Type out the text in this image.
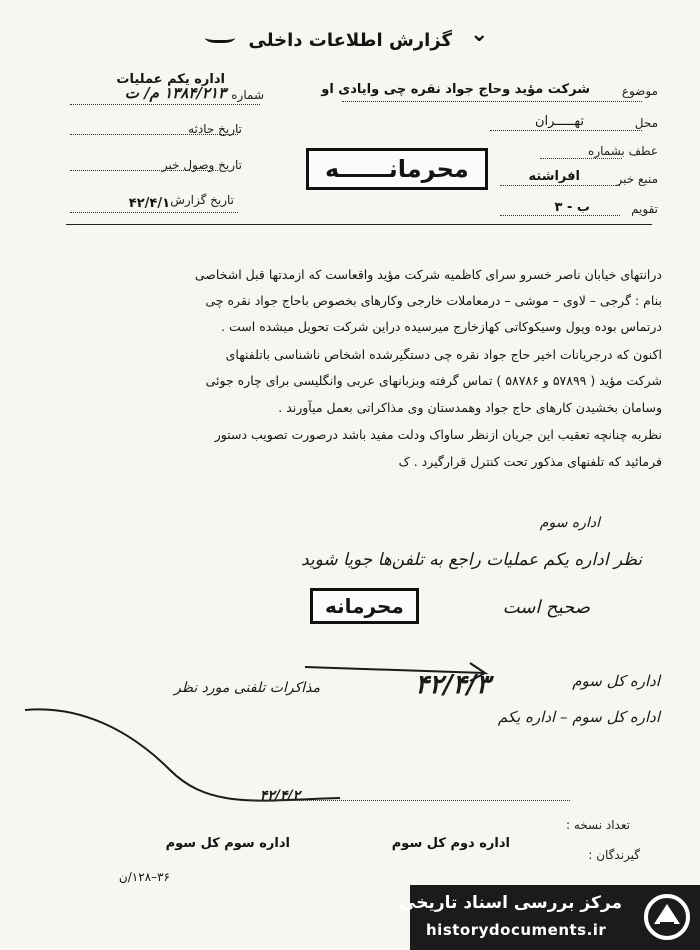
⌄
گزارش اطلاعات داخلی
اداره یکم عملیات
شماره
۱۳۸۴/۲۱۳ م/ ت
تاریخ حادثه
تاریخ وصول خبر
تاریخ گزارش
۴۲/۴/۱
موضوع
شرکت مؤید وحاج جواد نقره چی وایادی او
محل
تهـــــران
عطف بشماره
منبع خبر
افراشته
تقویم
ب - ۳
محرمانــــــه
درانتهای خیابان ناصر خسرو سرای کاظمیه شرکت مؤید واقعاست که ازمدتها قبل اشخاصی
بنام : گرجی – لاوی – موشی – درمعاملات خارجی وکارهای بخصوص باحاج جواد نقره چی
درتماس بوده وپول وسیکوکاتی کهازخارج میرسیده دراین شرکت تحویل میشده است .
اکنون که درجریانات اخیر حاج جواد نقره چی دستگیرشده اشخاص ناشناسی باتلفنهای
شرکت مؤید ( ۵۷۸۹۹ و ۵۸۷۸۶ ) تماس گرفته وبزبانهای عربی وانگلیسی برای چاره جوئی
وسامان بخشیدن کارهای حاج جواد وهمدستان وی مذاکراتی بعمل میآورند .
نظربه چنانچه تعقیب این جریان ازنظر ساواک ودلت مفید باشد درصورت تصویب دستور
فرمائید که تلفنهای مذکور تحت کنترل قرارگیرد . ک
اداره سوم
نظر اداره یکم عملیات راجع به تلفن‌ها جویا شوید
صحیح است
محرمانه
۴۲/۴/۳	اداره کل سوم
اداره کل سوم – اداره یکم
مذاکرات تلفنی مورد نظر
۴۲/۴/۲
تعداد نسخه :
گیرندگان :
اداره دوم کل سوم
اداره سوم کل سوم
۳۶–۱۲۸/ن
مرکز بررسی اسناد تاریخی
historydocuments.ir
